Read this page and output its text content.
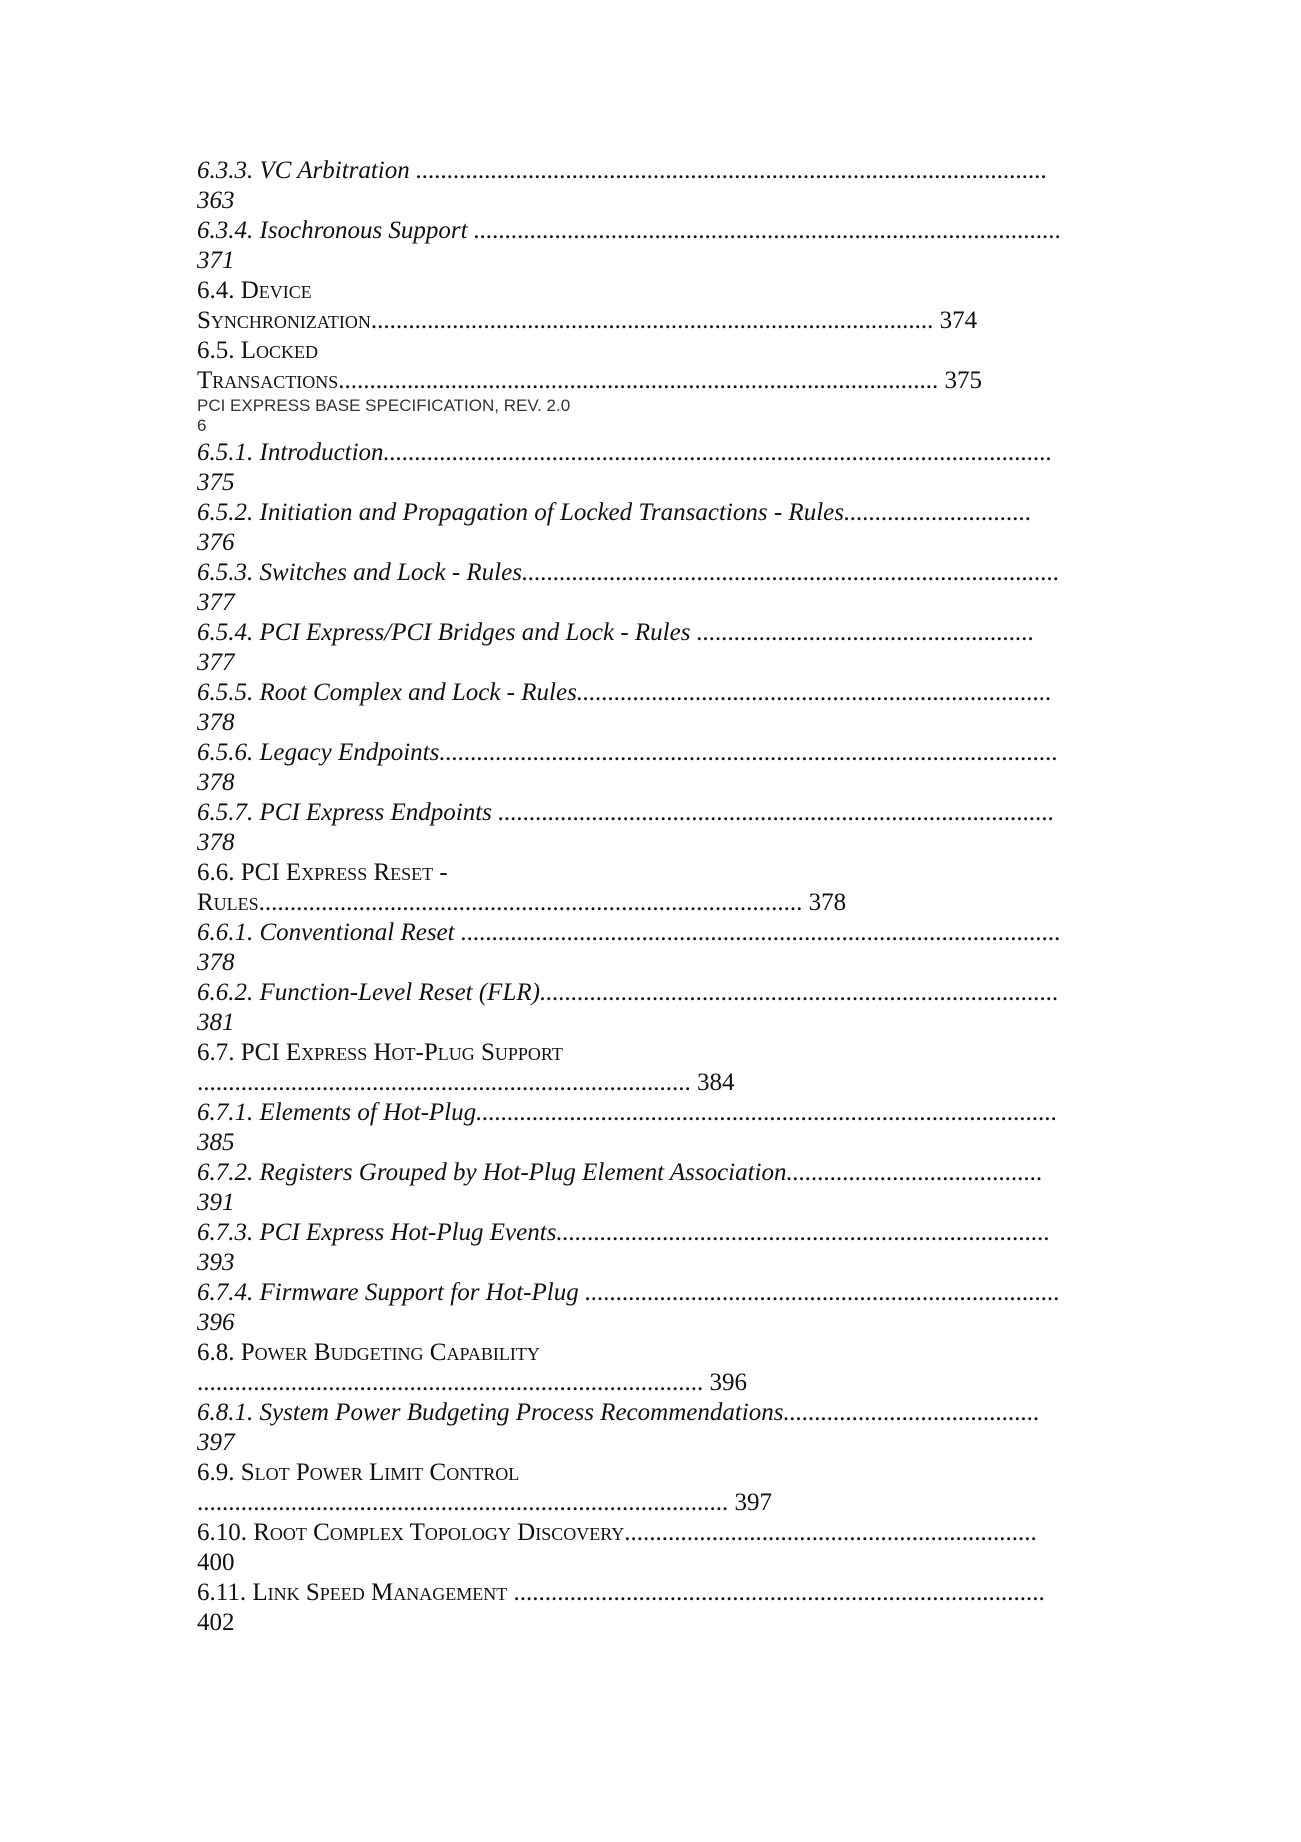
6.3.3. VC Arbitration .....................................................................................................
363
6.3.4. Isochronous Support ..............................................................................................
371
6.4. Device
Synchronization.......................................................................................... 374
6.5. Locked
Transactions................................................................................................ 375
PCI EXPRESS BASE SPECIFICATION, REV. 2.0
6
6.5.1. Introduction...........................................................................................................
375
6.5.2. Initiation and Propagation of Locked Transactions - Rules..............................
376
6.5.3. Switches and Lock - Rules......................................................................................
377
6.5.4. PCI Express/PCI Bridges and Lock - Rules ......................................................
377
6.5.5. Root Complex and Lock - Rules............................................................................
378
6.5.6. Legacy Endpoints...................................................................................................
378
6.5.7. PCI Express Endpoints .........................................................................................
378
6.6. PCI Express Reset -
Rules....................................................................................... 378
6.6.1. Conventional Reset ................................................................................................
378
6.6.2. Function-Level Reset (FLR)...................................................................................
381
6.7. PCI Express Hot-Plug Support
............................................................................... 384
6.7.1. Elements of Hot-Plug.............................................................................................
385
6.7.2. Registers Grouped by Hot-Plug Element Association.........................................
391
6.7.3. PCI Express Hot-Plug Events...............................................................................
393
6.7.4. Firmware Support for Hot-Plug ............................................................................
396
6.8. Power Budgeting Capability
................................................................................. 396
6.8.1. System Power Budgeting Process Recommendations.........................................
397
6.9. Slot Power Limit Control
..................................................................................... 397
6.10. Root Complex Topology Discovery..................................................................
400
6.11. Link Speed Management .....................................................................................
402
